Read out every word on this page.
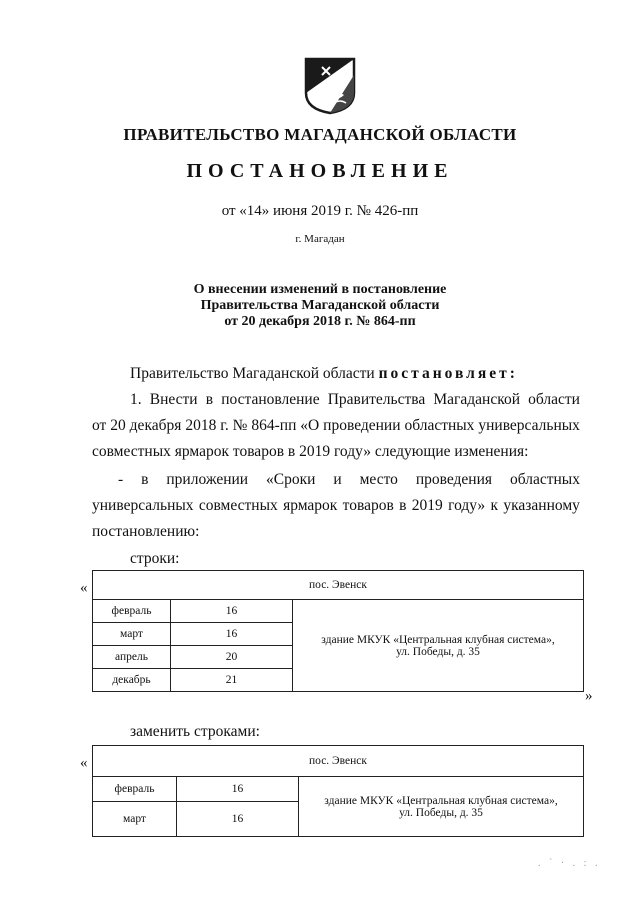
ПРАВИТЕЛЬСТВО МАГАДАНСКОЙ ОБЛАСТИ
ПОСТАНОВЛЕНИЕ
от «14» июня 2019 г. № 426-пп
г. Магадан
О внесении изменений в постановление
Правительства Магаданской области
от 20 декабря 2018 г. № 864-пп
Правительство Магаданской области постановляет:
1. Внести в постановление Правительства Магаданской области
от 20 декабря 2018 г. № 864-пп «О проведении областных универсальных
совместных ярмарок товаров в 2019 году» следующие изменения:
- в приложении «Сроки и место проведения областных
универсальных совместных ярмарок товаров в 2019 году» к указанному
постановлению:
строки:
«	пос. Эвенск		
февраль	16	здание МКУК «Центральная клубная система»,
ул. Победы, д. 35

март	16	
апрель	20	
декабрь	21	
»
заменить строками:
«	пос. Эвенск		
февраль	16	здание МКУК «Центральная клубная система»,
ул. Победы, д. 35

март	16	
. ` · . : .
